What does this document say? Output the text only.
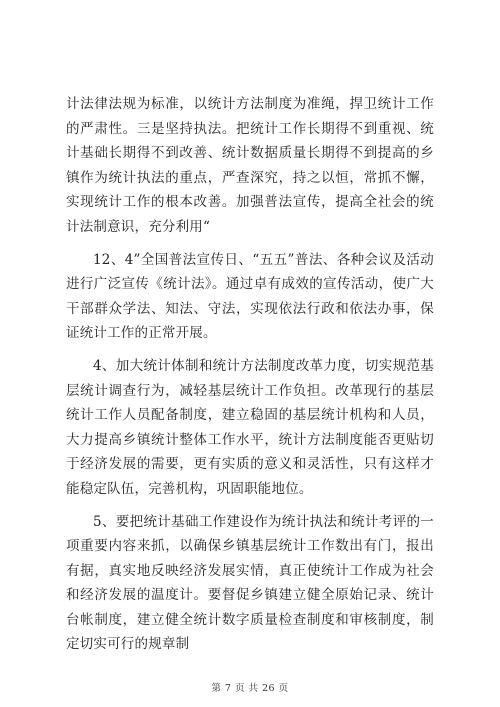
计法律法规为标准，以统计方法制度为准绳，捍卫统计工作的严肃性。三是坚持执法。把统计工作长期得不到重视、统计基础长期得不到改善、统计数据质量长期得不到提高的乡镇作为统计执法的重点，严查深究，持之以恒，常抓不懈，实现统计工作的根本改善。加强普法宣传，提高全社会的统计法制意识，充分利用“

12、4”全国普法宣传日、“五五”普法、各种会议及活动进行广泛宣传《统计法》。通过卓有成效的宣传活动，使广大干部群众学法、知法、守法，实现依法行政和依法办事，保证统计工作的正常开展。

4、加大统计体制和统计方法制度改革力度，切实规范基层统计调查行为，减轻基层统计工作负担。改革现行的基层统计工作人员配备制度，建立稳固的基层统计机构和人员，大力提高乡镇统计整体工作水平，统计方法制度能否更贴切于经济发展的需要，更有实质的意义和灵活性，只有这样才能稳定队伍，完善机构，巩固职能地位。

5、要把统计基础工作建设作为统计执法和统计考评的一项重要内容来抓，以确保乡镇基层统计工作数出有门，报出有据，真实地反映经济发展实情，真正使统计工作成为社会和经济发展的温度计。要督促乡镇建立健全原始记录、统计台帐制度，建立健全统计数字质量检查制度和审核制度，制定切实可行的规章制

第 7 页 共 26 页
